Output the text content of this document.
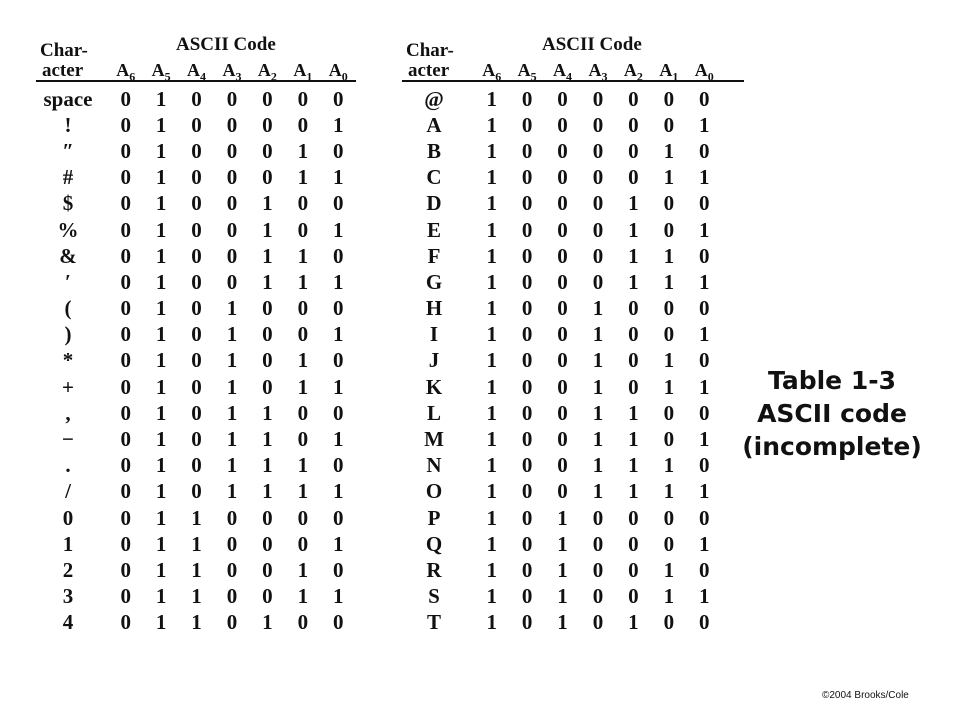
Char-	ASCII Code
acter	$A_6$ $A_5$ $A_4$ $A_3$ $A_2$ $A_1$ $A_0$
space	0	1	0	0	0	0	0
!	0	1	0	0	0	0	1
″	0	1	0	0	0	1	0
#	0	1	0	0	0	1	1
$	0	1	0	0	1	0	0
%	0	1	0	0	1	0	1
&	0	1	0	0	1	1	0
′	0	1	0	0	1	1	1
(	0	1	0	1	0	0	0
)	0	1	0	1	0	0	1
*	0	1	0	1	0	1	0
+	0	1	0	1	0	1	1
,	0	1	0	1	1	0	0
−	0	1	0	1	1	0	1
.	0	1	0	1	1	1	0
/	0	1	0	1	1	1	1
0	0	1	1	0	0	0	0
1	0	1	1	0	0	0	1
2	0	1	1	0	0	1	0
3	0	1	1	0	0	1	1
4	0	1	1	0	1	0	0
Char-	ASCII Code
acter	$A_6$ $A_5$ $A_4$ $A_3$ $A_2$ $A_1$ $A_0$
@	1	0	0	0	0	0	0
A	1	0	0	0	0	0	1
B	1	0	0	0	0	1	0
C	1	0	0	0	0	1	1
D	1	0	0	0	1	0	0
E	1	0	0	0	1	0	1
F	1	0	0	0	1	1	0
G	1	0	0	0	1	1	1
H	1	0	0	1	0	0	0
I	1	0	0	1	0	0	1
J	1	0	0	1	0	1	0
K	1	0	0	1	0	1	1
L	1	0	0	1	1	0	0
M	1	0	0	1	1	0	1
N	1	0	0	1	1	1	0
O	1	0	0	1	1	1	1
P	1	0	1	0	0	0	0
Q	1	0	1	0	0	0	1
R	1	0	1	0	0	1	0
S	1	0	1	0	0	1	1
T	1	0	1	0	1	0	0
Table 1-3
ASCII code
(incomplete)
©2004 Brooks/Cole
